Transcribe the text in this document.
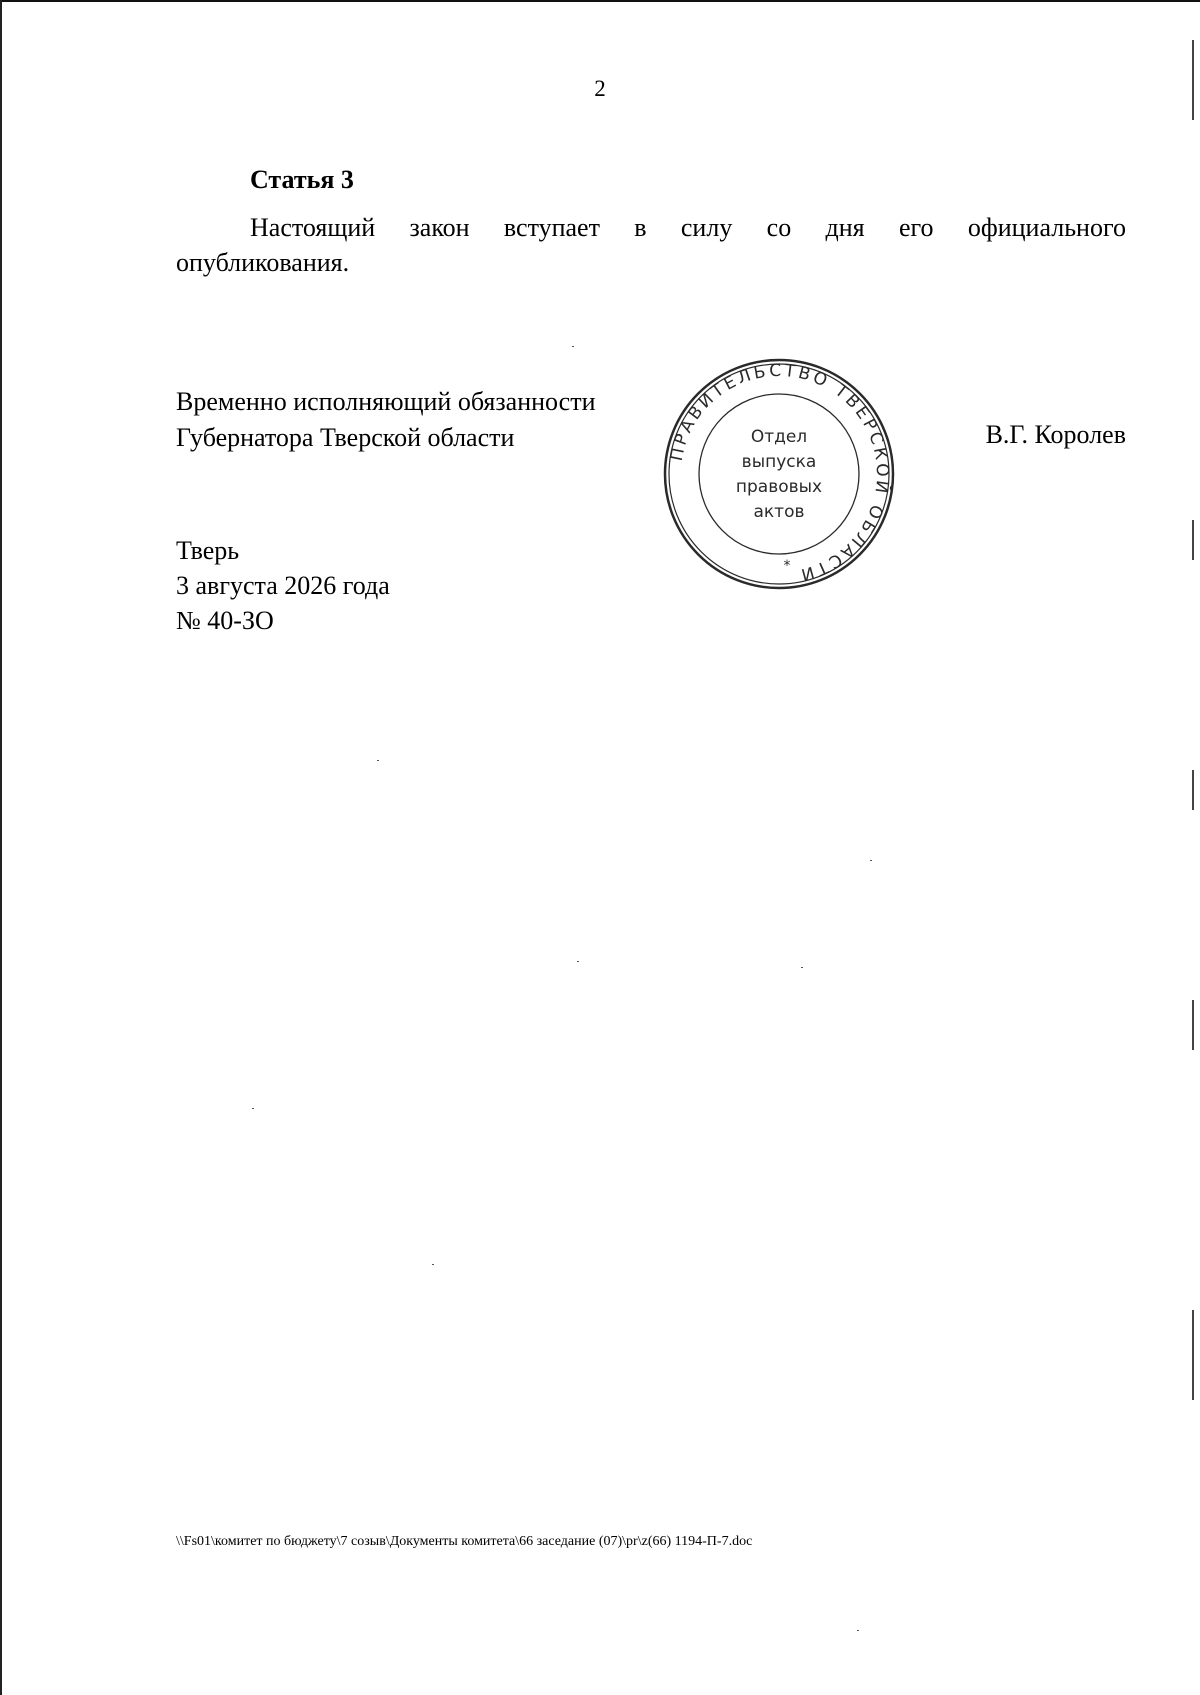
2
Статья 3
Настоящий закон вступает в силу со дня его официального
опубликования.
Временно исполняющий обязанности
Губернатора Тверской области	В.Г. Королев
ПРАВИТЕЛЬСТВО ТВЕРСКОЙ ОБЛАСТИ
Отдел
выпуска
правовых
актов
*
Тверь
3 августа 2026 года
№ 40-ЗО
\\Fs01\комитет по бюджету\7 созыв\Документы комитета\66 заседание (07)\pr\z(66) 1194-П-7.doc
